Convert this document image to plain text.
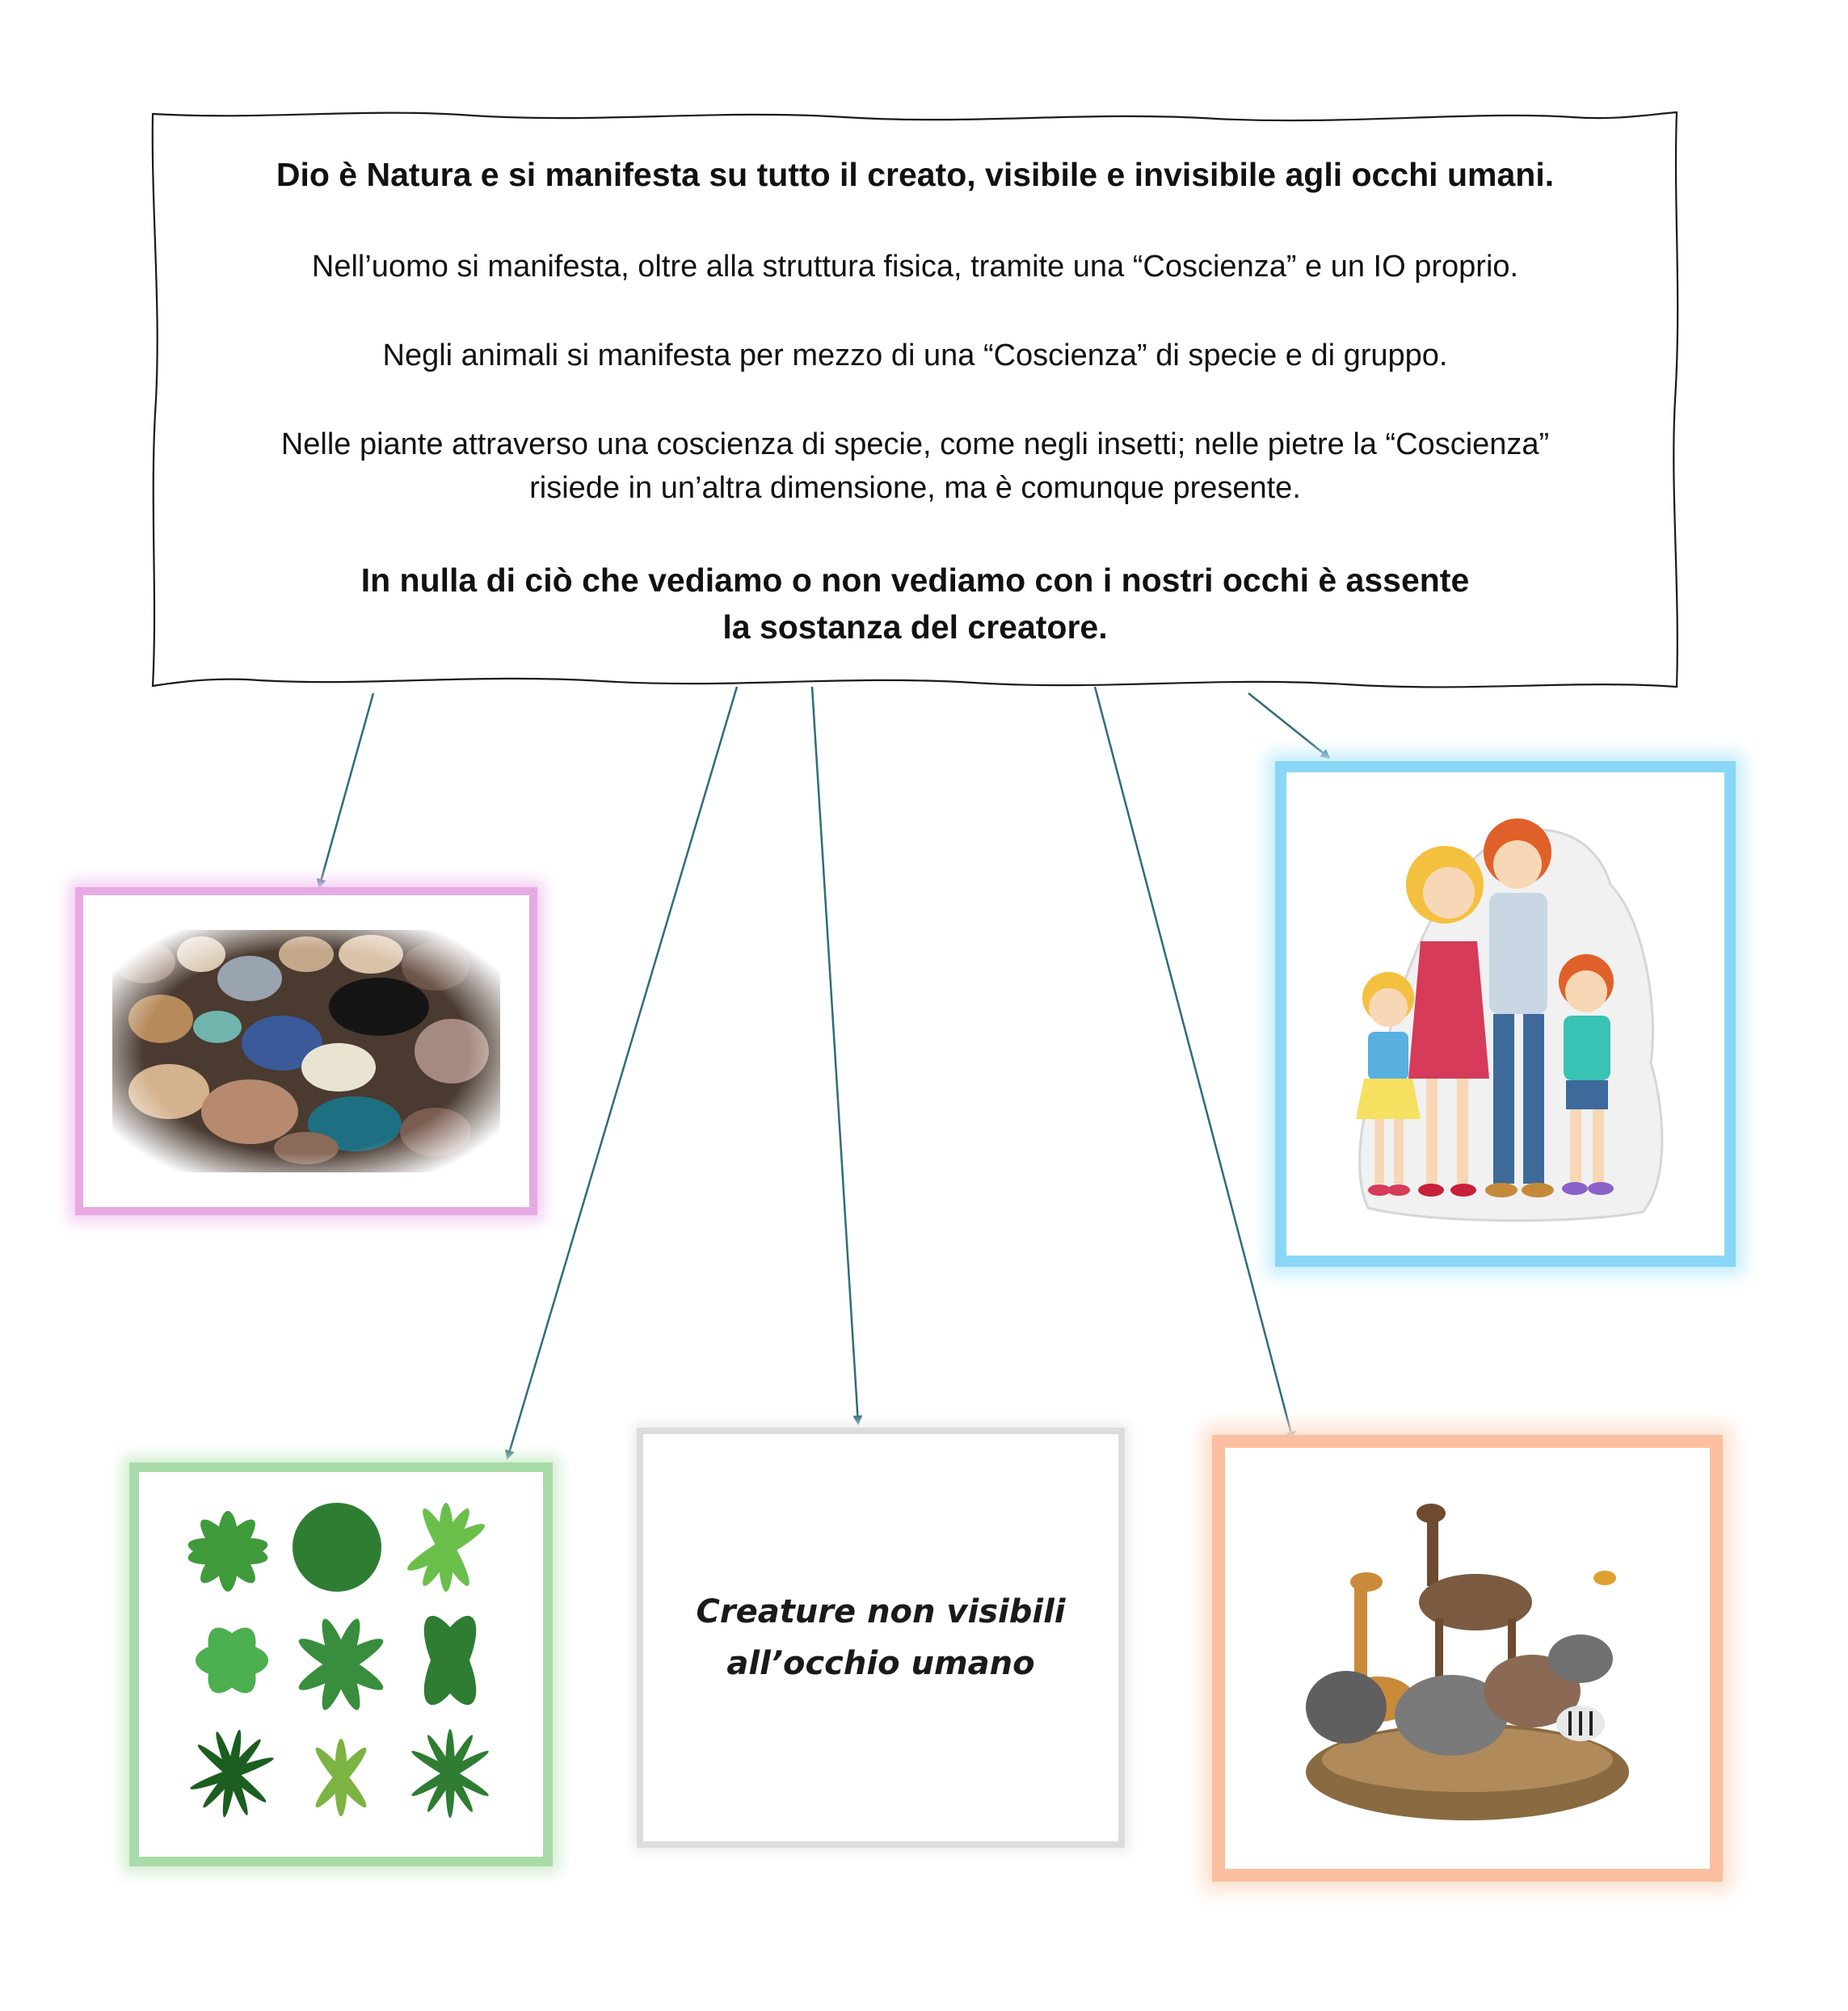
Dio è Natura e si manifesta su tutto il creato, visibile e invisibile agli occhi umani.

Nell’uomo si manifesta, oltre alla struttura fisica, tramite una “Coscienza” e un IO proprio.

Negli animali si manifesta per mezzo di una “Coscienza” di specie e di gruppo.

Nelle piante attraverso una coscienza di specie, come negli insetti; nelle pietre la “Coscienza”

risiede in un’altra dimensione, ma è comunque presente.

In nulla di ciò che vediamo o non vediamo con i nostri occhi è assente

la sostanza del creatore.

Creature non visibili
all’occhio umano
